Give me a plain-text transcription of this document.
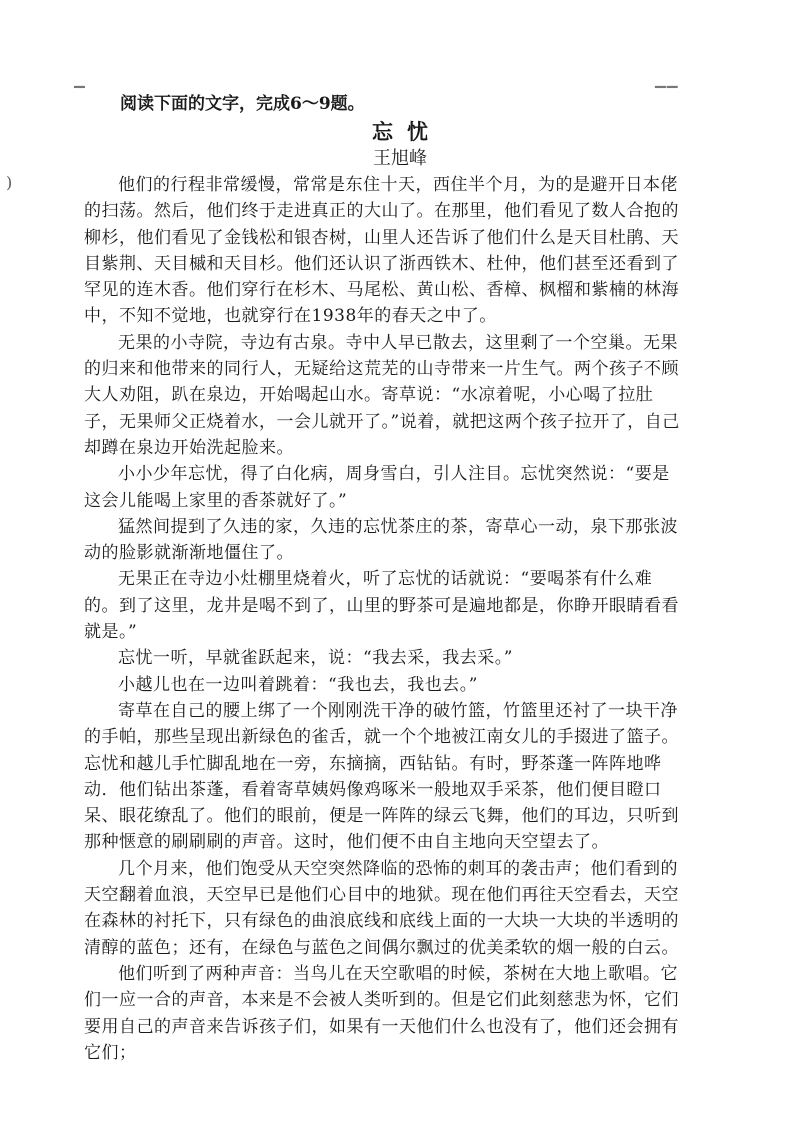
▔	▔▔
)
阅读下面的文字，完成6～9题。
忘忧
王旭峰

他们的行程非常缓慢，常常是东住十天，西住半个月，为的是避开日本佬的扫荡。然后，他们终于走进真正的大山了。在那里，他们看见了数人合抱的柳杉，他们看见了金钱松和银杏树，山里人还告诉了他们什么是天目杜鹃、天目紫荆、天目槭和天目杉。他们还认识了浙西铁木、杜仲，他们甚至还看到了罕见的连木香。他们穿行在杉木、马尾松、黄山松、香樟、枫榴和紫楠的林海中，不知不觉地，也就穿行在1938年的春天之中了。

无果的小寺院，寺边有古泉。寺中人早已散去，这里剩了一个空巢。无果的归来和他带来的同行人，无疑给这荒芜的山寺带来一片生气。两个孩子不顾大人劝阻，趴在泉边，开始喝起山水。寄草说：“水凉着呢，小心喝了拉肚子，无果师父正烧着水，一会儿就开了。”说着，就把这两个孩子拉开了，自己却蹲在泉边开始洗起脸来。

小小少年忘忧，得了白化病，周身雪白，引人注目。忘忧突然说：“要是这会儿能喝上家里的香茶就好了。”

猛然间提到了久违的家，久违的忘忧茶庄的茶，寄草心一动，泉下那张波动的脸影就渐渐地僵住了。

无果正在寺边小灶棚里烧着火，听了忘忧的话就说：“要喝茶有什么难的。到了这里，龙井是喝不到了，山里的野茶可是遍地都是，你睁开眼睛看看就是。”

忘忧一听，早就雀跃起来，说：“我去采，我去采。”

小越儿也在一边叫着跳着：“我也去，我也去。”

寄草在自己的腰上绑了一个刚刚洗干净的破竹篮，竹篮里还衬了一块干净的手帕，那些呈现出新绿色的雀舌，就一个个地被江南女儿的手掇进了篮子。忘忧和越儿手忙脚乱地在一旁，东摘摘，西钻钻。有时，野茶蓬一阵阵地哗动．他们钻出茶蓬，看着寄草姨妈像鸡啄米一般地双手采茶，他们便目瞪口呆、眼花缭乱了。他们的眼前，便是一阵阵的绿云飞舞，他们的耳边，只听到那种惬意的刷刷刷的声音。这时，他们便不由自主地向天空望去了。

几个月来，他们饱受从天空突然降临的恐怖的刺耳的袭击声；他们看到的天空翻着血浪，天空早已是他们心目中的地狱。现在他们再往天空看去，天空在森林的衬托下，只有绿色的曲浪底线和底线上面的一大块一大块的半透明的清醇的蓝色；还有，在绿色与蓝色之间偶尔飘过的优美柔软的烟一般的白云。

他们听到了两种声音：当鸟儿在天空歌唱的时候，茶树在大地上歌唱。它们一应一合的声音，本来是不会被人类听到的。但是它们此刻慈悲为怀，它们要用自己的声音来告诉孩子们，如果有一天他们什么也没有了，他们还会拥有它们；
